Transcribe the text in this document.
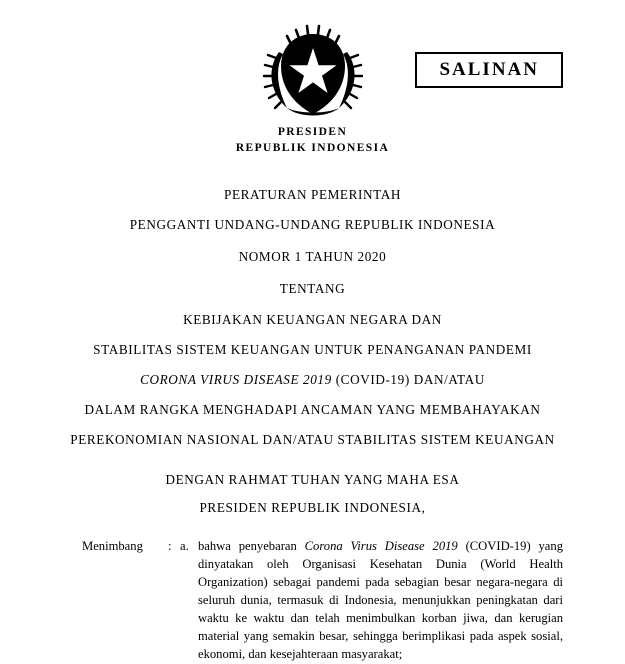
SALINAN
PRESIDEN
REPUBLIK INDONESIA
PERATURAN PEMERINTAH
PENGGANTI UNDANG-UNDANG REPUBLIK INDONESIA
NOMOR 1 TAHUN 2020
TENTANG
KEBIJAKAN KEUANGAN NEGARA DAN
STABILITAS SISTEM KEUANGAN UNTUK PENANGANAN PANDEMI
CORONA VIRUS DISEASE 2019 (COVID-19) DAN/ATAU
DALAM RANGKA MENGHADAPI ANCAMAN YANG MEMBAHAYAKAN
PEREKONOMIAN NASIONAL DAN/ATAU STABILITAS SISTEM KEUANGAN
DENGAN RAHMAT TUHAN YANG MAHA ESA
PRESIDEN REPUBLIK INDONESIA,
Menimbang	: a. bahwa penyebaran Corona Virus Disease 2019 (COVID-19) yang dinyatakan oleh Organisasi Kesehatan Dunia (World Health Organization) sebagai pandemi pada sebagian besar negara-negara di seluruh dunia, termasuk di Indonesia, menunjukkan peningkatan dari waktu ke waktu dan telah menimbulkan korban jiwa, dan kerugian material yang semakin besar, sehingga berimplikasi pada aspek sosial, ekonomi, dan kesejahteraan masyarakat;
